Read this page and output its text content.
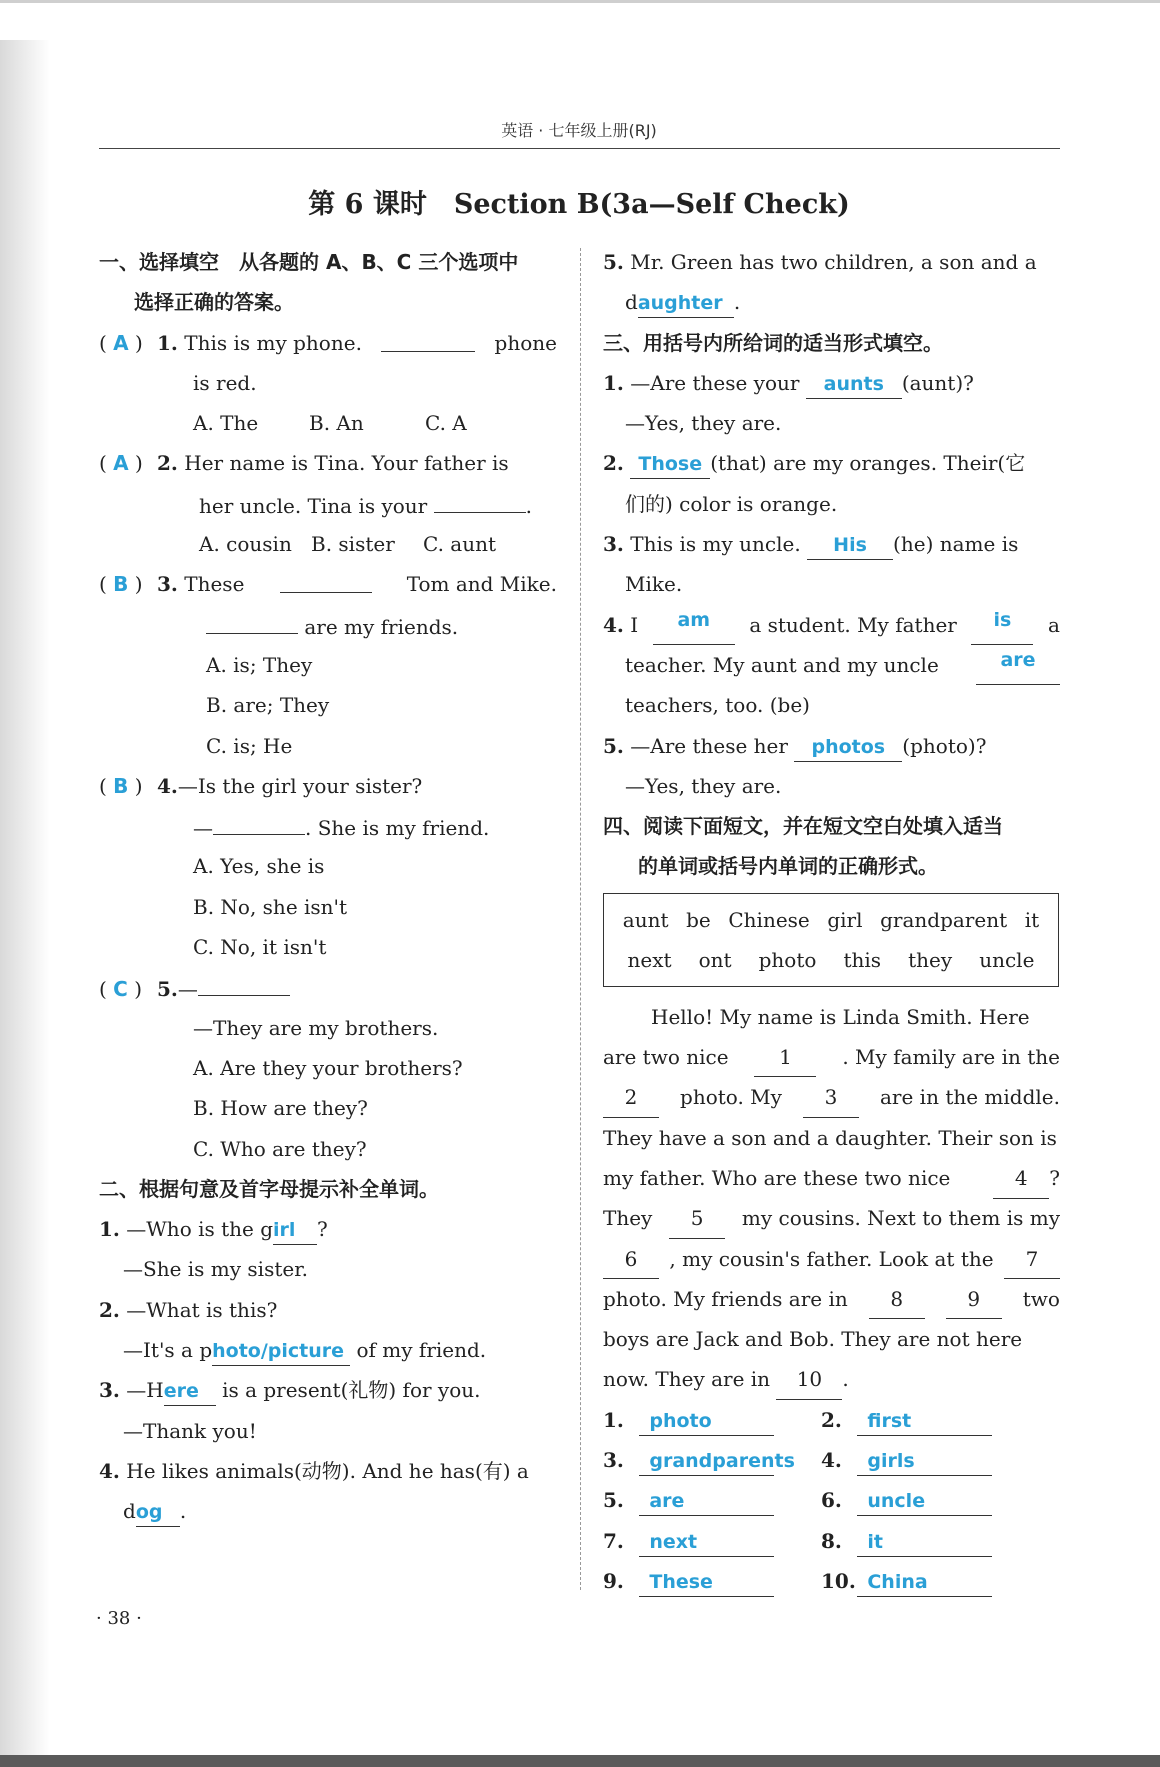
英语 · 七年级上册(RJ)
第 6 课时　Section B(3a—Self Check)
一、选择填空　从各题的 A、B、C 三个选项中
选择正确的答案。
( A ) 1. This is my phone.	phone
is red.
A. The	B. An	C. A
( A ) 2. Her name is Tina. Your father is
her uncle. Tina is your	.
A. cousin B. sister C. aunt
( B ) 3. These	Tom and Mike.
are my friends.
A. is; They
B. are; They
C. is; He
( B ) 4.—Is the girl your sister?
—	. She is my friend.
A. Yes, she is
B. No, she isn't
C. No, it isn't
( C ) 5.—
—They are my brothers.
A. Are they your brothers?
B. How are they?
C. Who are they?
二、根据句意及首字母提示补全单词。
1. —Who is the girl ?
—She is my sister.
2. —What is this?
—It's a photo/picture of my friend.
3. —Here is a present(礼物) for you.
—Thank you!
4. He likes animals(动物). And he has(有) a
dog .
5. Mr. Green has two children, a son and a
daughter .
三、用括号内所给词的适当形式填空。
1. —Are these your aunts (aunt)?
—Yes, they are.
2. Those (that) are my oranges. Their(它
们的) color is orange.
3. This is my uncle. His (he) name is
Mike.
4. I	am	a student. My father	is	a
teacher. My aunt and my uncle	are
teachers, too. (be)
5. —Are these her photos (photo)?
—Yes, they are.
四、阅读下面短文，并在短文空白处填入适当
的单词或括号内单词的正确形式。
aunt be Chinese girl grandparent it
next ont photo this they uncle
Hello! My name is Linda Smith. Here
are two nice	1	. My family are in the
2	photo. My	3	are in the middle.
They have a son and a daughter. Their son is
my father. Who are these two nice	4 ?
They	5	my cousins. Next to them is my
6	, my cousin's father. Look at the	7
photo. My friends are in	8	9	two
boys are Jack and Bob. They are not here
now. They are in 10 .
1. photo	2. first
3. grandparents	4. girls
5. are	6. uncle
7. next	8. it
9. These	10. China
· 38 ·
